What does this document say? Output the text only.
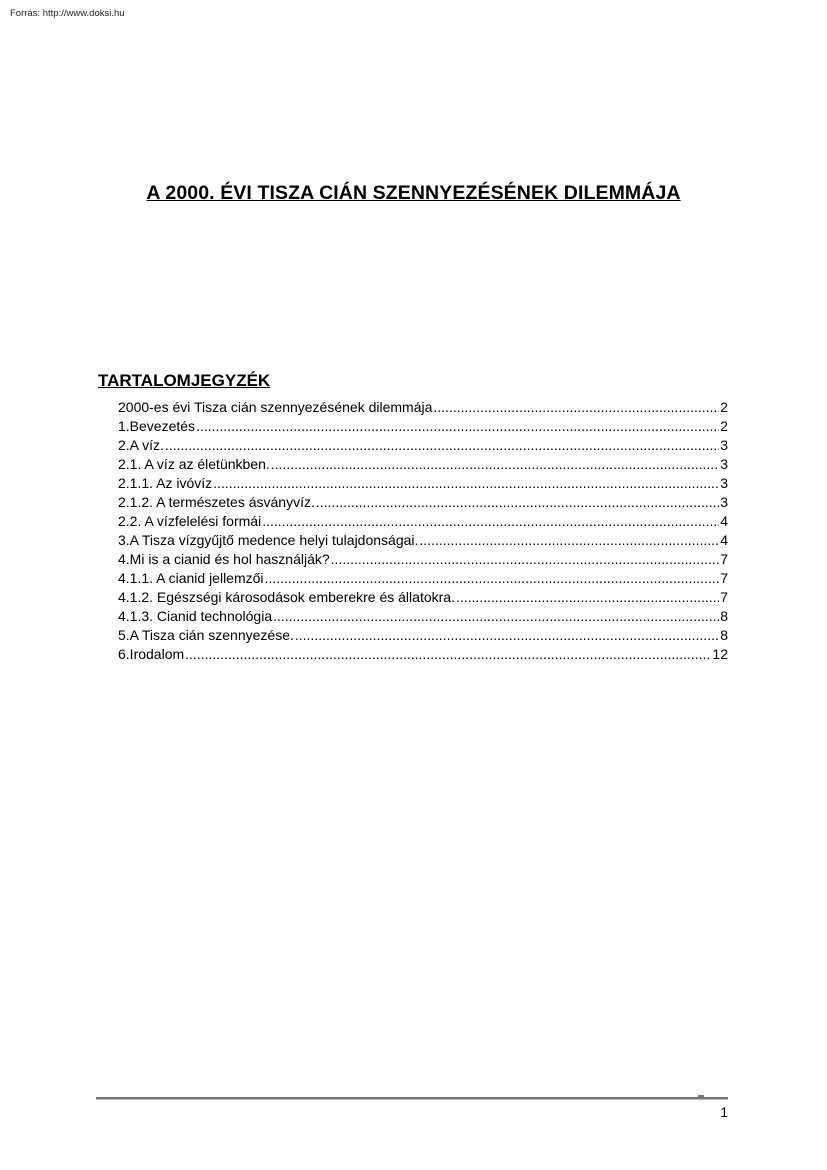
Forrás: http://www.doksi.hu
A 2000. ÉVI TISZA CIÁN SZENNYEZÉSÉNEK DILEMMÁJA
TARTALOMJEGYZÉK
2000-es évi Tisza cián szennyezésének dilemmája .....	2
1.Bevezetés .....	2
2.A víz. .....	3
2.1. A víz az életünkben. .....	3
2.1.1. Az ivóvíz .....	3
2.1.2. A természetes ásványvíz. .....	3
2.2. A vízfelelési formái .....	4
3.A Tisza vízgyűjtő medence helyi tulajdonságai. .....	4
4.Mi is a cianid és hol használják? .....	7
4.1.1. A cianid jellemzői .....	7
4.1.2. Egészségi károsodások emberekre és állatokra. .....	7
4.1.3. Cianid technológia .....	8
5.A Tisza cián szennyezése. .....	8
6.Irodalom .....	12
1
